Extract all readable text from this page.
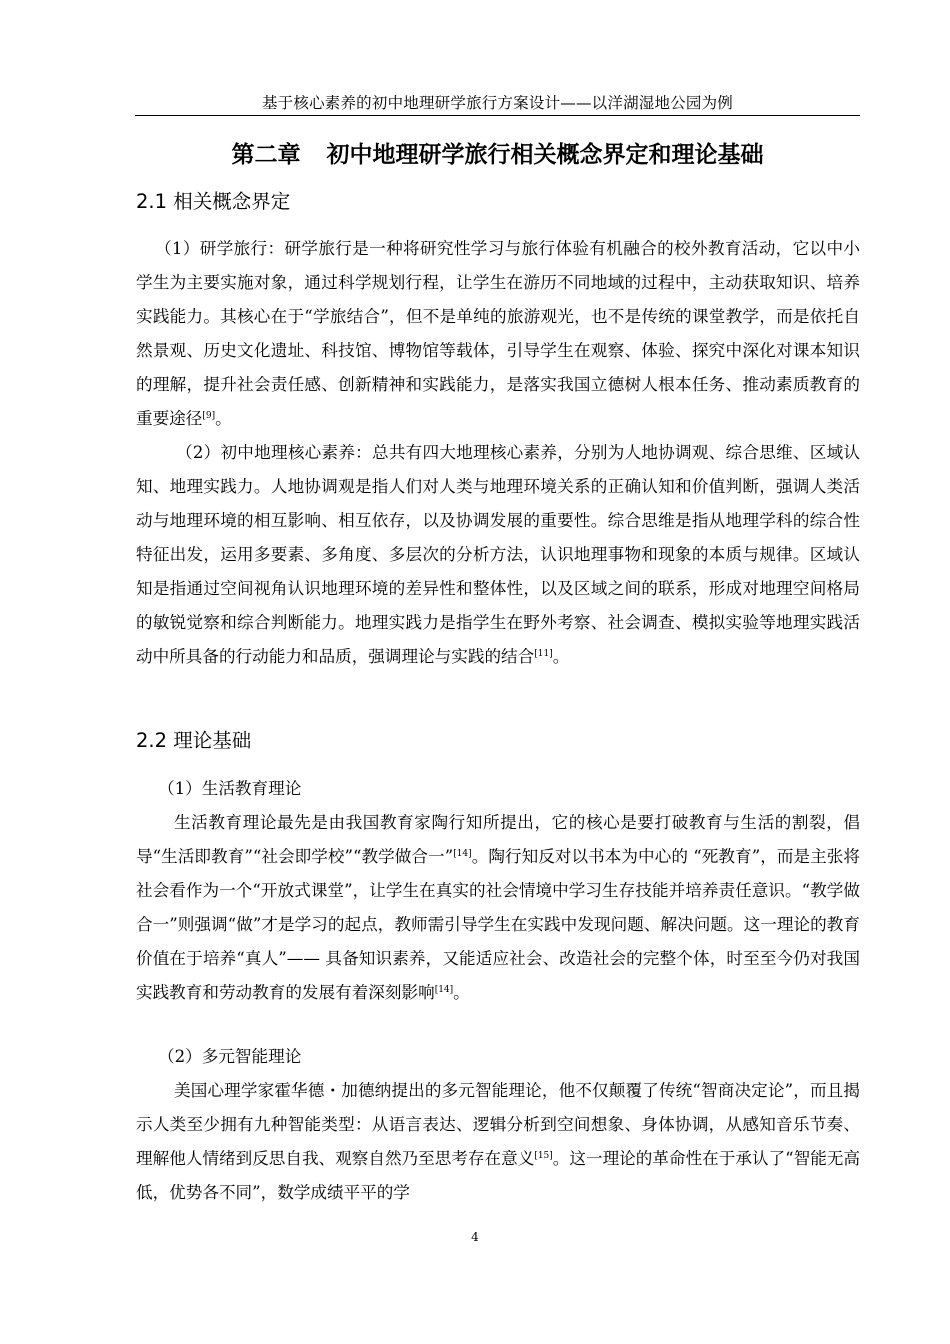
基于核心素养的初中地理研学旅行方案设计——以洋湖湿地公园为例
第二章 初中地理研学旅行相关概念界定和理论基础
2.1 相关概念界定

（1）研学旅行：研学旅行是一种将研究性学习与旅行体验有机融合的校外教育活动，它以中小学生为主要实施对象，通过科学规划行程，让学生在游历不同地域的过程中，主动获取知识、培养实践能力。其核心在于“学旅结合”，但不是单纯的旅游观光，也不是传统的课堂教学，而是依托自然景观、历史文化遗址、科技馆、博物馆等载体，引导学生在观察、体验、探究中深化对课本知识的理解，提升社会责任感、创新精神和实践能力，是落实我国立德树人根本任务、推动素质教育的重要途径[9]。

（2）初中地理核心素养：总共有四大地理核心素养，分别为人地协调观、综合思维、区域认知、地理实践力。人地协调观是指人们对人类与地理环境关系的正确认知和价值判断，强调人类活动与地理环境的相互影响、相互依存，以及协调发展的重要性。综合思维是指从地理学科的综合性特征出发，运用多要素、多角度、多层次的分析方法，认识地理事物和现象的本质与规律。区域认知是指通过空间视角认识地理环境的差异性和整体性，以及区域之间的联系，形成对地理空间格局的敏锐觉察和综合判断能力。地理实践力是指学生在野外考察、社会调查、模拟实验等地理实践活动中所具备的行动能力和品质，强调理论与实践的结合[11]。

2.2 理论基础

（1）生活教育理论

生活教育理论最先是由我国教育家陶行知所提出，它的核心是要打破教育与生活的割裂，倡导“生活即教育”“社会即学校”“教学做合一”[14]。陶行知反对以书本为中心的 “死教育”，而是主张将社会看作为一个“开放式课堂”，让学生在真实的社会情境中学习生存技能并培养责任意识。“教学做合一”则强调“做”才是学习的起点，教师需引导学生在实践中发现问题、解决问题。这一理论的教育价值在于培养“真人”—— 具备知识素养，又能适应社会、改造社会的完整个体，时至至今仍对我国实践教育和劳动教育的发展有着深刻影响[14]。

（2）多元智能理论

美国心理学家霍华德・加德纳提出的多元智能理论，他不仅颠覆了传统“智商决定论”，而且揭示人类至少拥有九种智能类型：从语言表达、逻辑分析到空间想象、身体协调，从感知音乐节奏、理解他人情绪到反思自我、观察自然乃至思考存在意义[15]。这一理论的革命性在于承认了“智能无高低，优势各不同”，数学成绩平平的学

4
